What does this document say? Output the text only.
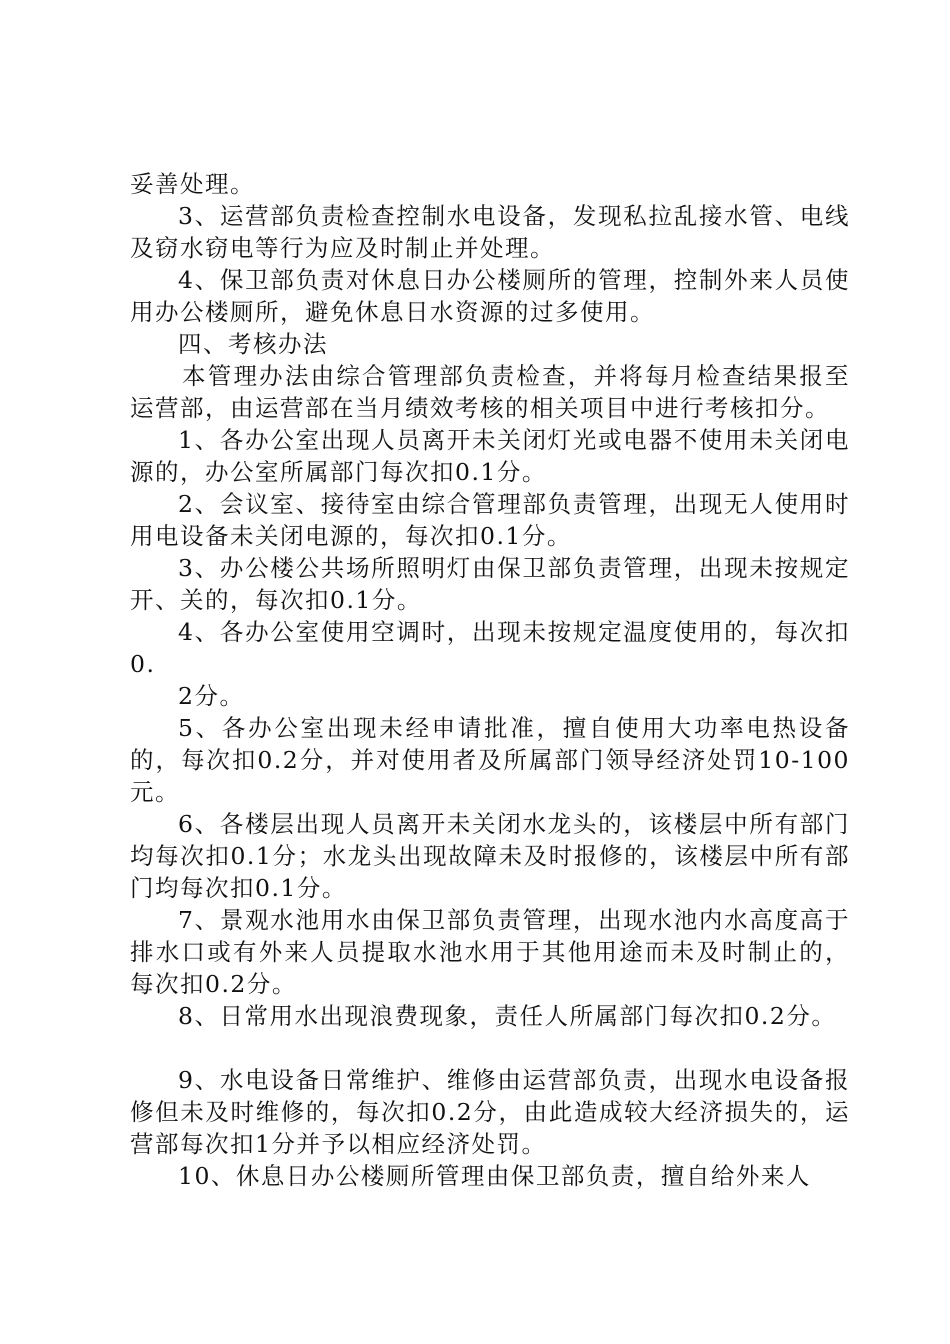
妥善处理。

3、运营部负责检查控制水电设备，发现私拉乱接水管、电线及窃水窃电等行为应及时制止并处理。

4、保卫部负责对休息日办公楼厕所的管理，控制外来人员使用办公楼厕所，避免休息日水资源的过多使用。

四、考核办法

本管理办法由综合管理部负责检查，并将每月检查结果报至运营部，由运营部在当月绩效考核的相关项目中进行考核扣分。

1、各办公室出现人员离开未关闭灯光或电器不使用未关闭电源的，办公室所属部门每次扣0.1分。

2、会议室、接待室由综合管理部负责管理，出现无人使用时用电设备未关闭电源的，每次扣0.1分。

3、办公楼公共场所照明灯由保卫部负责管理，出现未按规定开、关的，每次扣0.1分。

4、各办公室使用空调时，出现未按规定温度使用的，每次扣0.

2分。

5、各办公室出现未经申请批准，擅自使用大功率电热设备的，每次扣0.2分，并对使用者及所属部门领导经济处罚10-100元。

6、各楼层出现人员离开未关闭水龙头的，该楼层中所有部门均每次扣0.1分；水龙头出现故障未及时报修的，该楼层中所有部门均每次扣0.1分。

7、景观水池用水由保卫部负责管理，出现水池内水高度高于排水口或有外来人员提取水池水用于其他用途而未及时制止的，每次扣0.2分。

8、日常用水出现浪费现象，责任人所属部门每次扣0.2分。

9、水电设备日常维护、维修由运营部负责，出现水电设备报修但未及时维修的，每次扣0.2分，由此造成较大经济损失的，运营部每次扣1分并予以相应经济处罚。

10、休息日办公楼厕所管理由保卫部负责，擅自给外来人
